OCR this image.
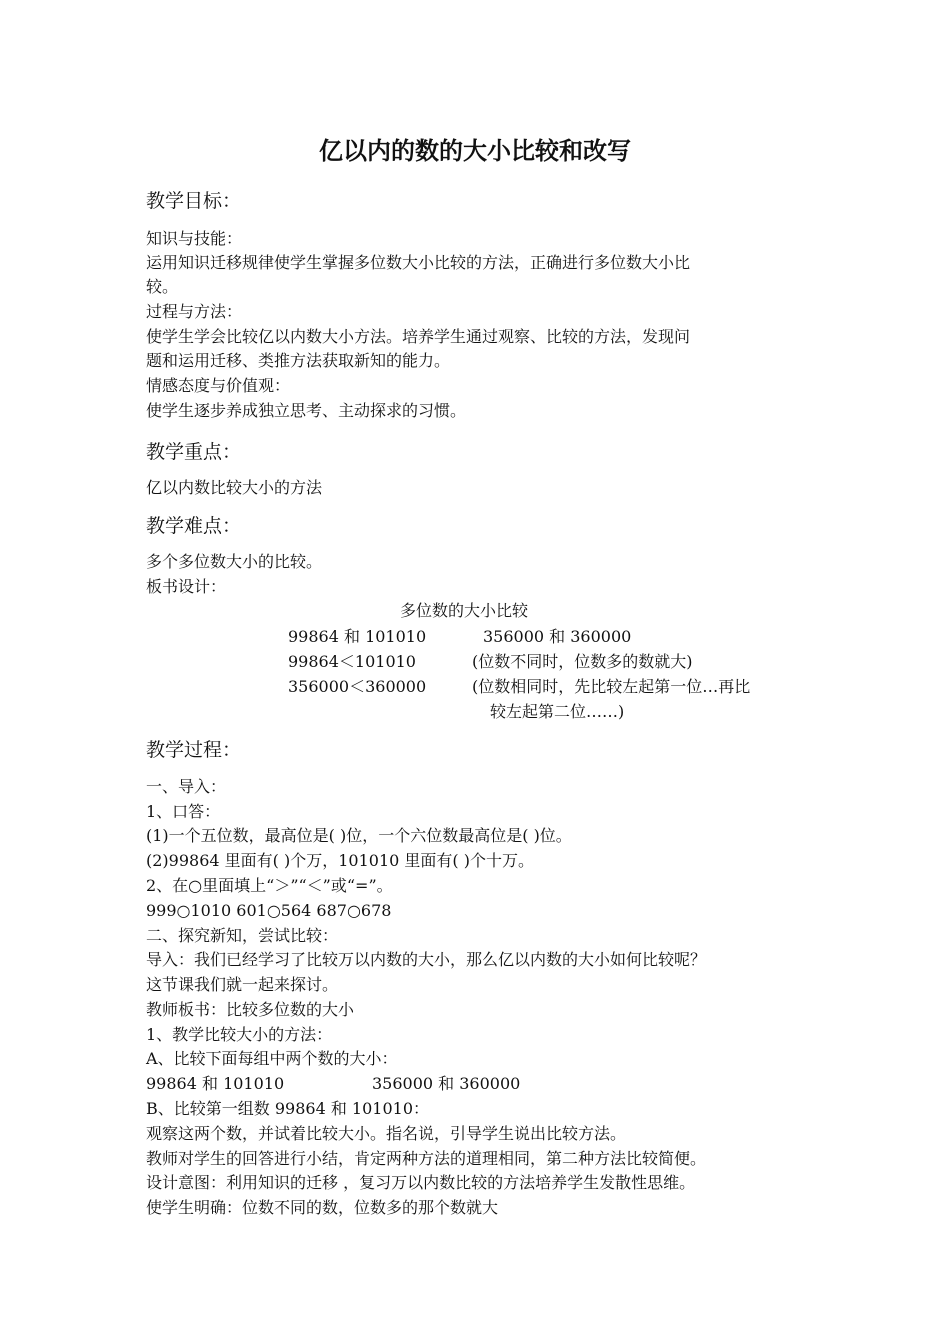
亿以内的数的大小比较和改写
教学目标：
知识与技能：
运用知识迁移规律使学生掌握多位数大小比较的方法，正确进行多位数大小比
较。
过程与方法：
使学生学会比较亿以内数大小方法。培养学生通过观察、比较的方法，发现问
题和运用迁移、类推方法获取新知的能力。
情感态度与价值观：
使学生逐步养成独立思考、主动探求的习惯。
教学重点：
亿以内数比较大小的方法
教学难点：
多个多位数大小的比较。
板书设计：
多位数的大小比较
99864 和 101010	356000 和 360000
99864＜101010	(位数不同时，位数多的数就大)
356000＜360000	(位数相同时，先比较左起第一位…再比
较左起第二位……)
教学过程：
一、导入：
1、口答：
(1)一个五位数，最高位是( )位，一个六位数最高位是( )位。
(2)99864 里面有( )个万，101010 里面有( )个十万。
2、在○里面填上“＞”“＜”或“=”。
999○1010 601○564 687○678
二、探究新知，尝试比较：
导入：我们已经学习了比较万以内数的大小，那么亿以内数的大小如何比较呢？
这节课我们就一起来探讨。
教师板书：比较多位数的大小
1、教学比较大小的方法：
A、比较下面每组中两个数的大小：
99864 和 101010	356000 和 360000
B、比较第一组数 99864 和 101010：
观察这两个数，并试着比较大小。指名说，引导学生说出比较方法。
教师对学生的回答进行小结，肯定两种方法的道理相同，第二种方法比较简便。
设计意图：利用知识的迁移 ，复习万以内数比较的方法培养学生发散性思维。
使学生明确：位数不同的数，位数多的那个数就大
